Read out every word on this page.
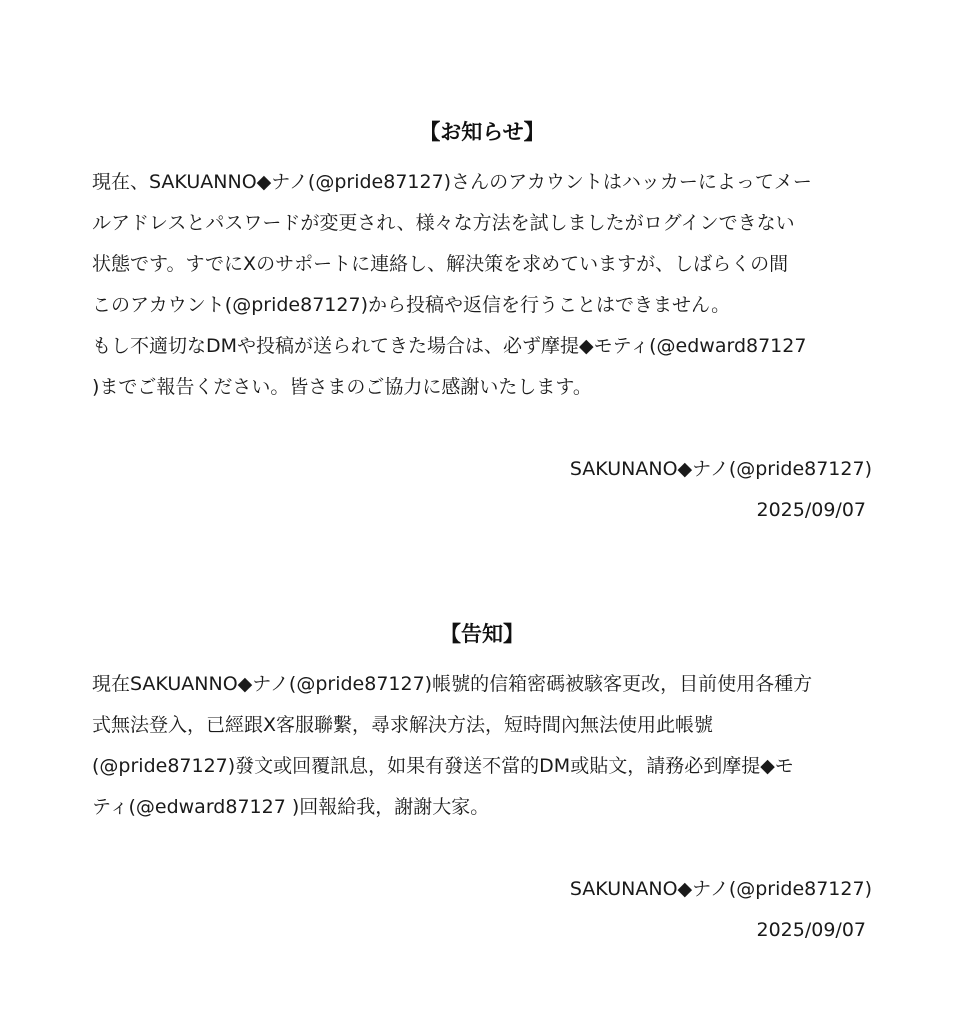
【お知らせ】

現在、SAKUANNO◆ナノ(@pride87127)さんのアカウントはハッカーによってメー
ルアドレスとパスワードが変更され、様々な方法を試しましたがログインできない
状態です。すでにXのサポートに連絡し、解決策を求めていますが、しばらくの間
このアカウント(@pride87127)から投稿や返信を行うことはできません。
もし不適切なDMや投稿が送られてきた場合は、必ず摩提◆モティ(@edward87127
)までご報告ください。皆さまのご協力に感謝いたします。

SAKUNANO◆ナノ(@pride87127)
2025/09/07
【告知】

現在SAKUANNO◆ナノ(@pride87127)帳號的信箱密碼被駭客更改，目前使用各種方
式無法登入，已經跟X客服聯繫，尋求解決方法，短時間內無法使用此帳號
(@pride87127)發文或回覆訊息，如果有發送不當的DM或貼文，請務必到摩提◆モ
ティ(@edward87127 )回報給我，謝謝大家。

SAKUNANO◆ナノ(@pride87127)
2025/09/07
